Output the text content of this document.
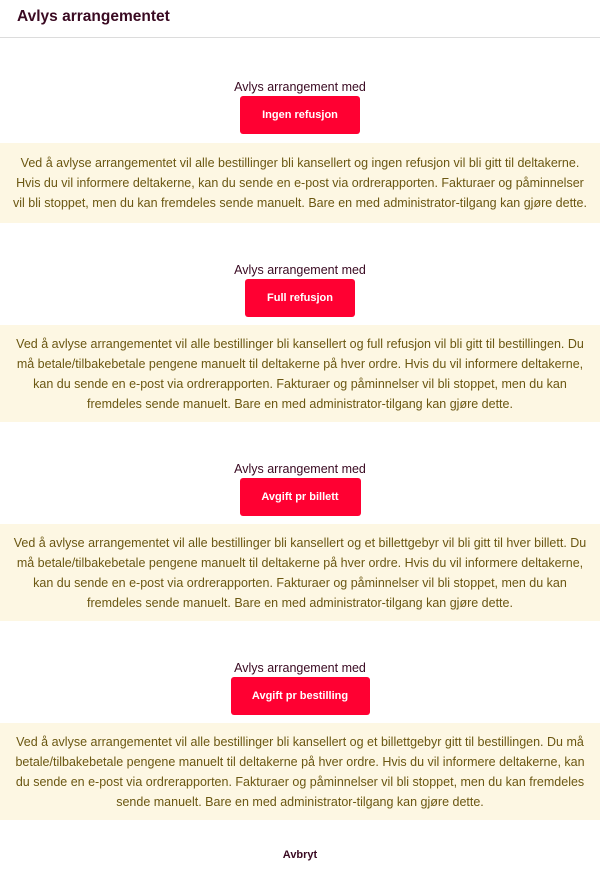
Avlys arrangementet
Avlys arrangement med
Ingen refusjon
Ved å avlyse arrangementet vil alle bestillinger bli kansellert og ingen refusjon vil bli gitt til deltakerne. Hvis du vil informere deltakerne, kan du sende en e-post via ordrerapporten. Fakturaer og påminnelser vil bli stoppet, men du kan fremdeles sende manuelt. Bare en med administrator-tilgang kan gjøre dette.
Avlys arrangement med
Full refusjon
Ved å avlyse arrangementet vil alle bestillinger bli kansellert og full refusjon vil bli gitt til bestillingen. Du må betale/tilbakebetale pengene manuelt til deltakerne på hver ordre. Hvis du vil informere deltakerne, kan du sende en e-post via ordrerapporten. Fakturaer og påminnelser vil bli stoppet, men du kan fremdeles sende manuelt. Bare en med administrator-tilgang kan gjøre dette.
Avlys arrangement med
Avgift pr billett
Ved å avlyse arrangementet vil alle bestillinger bli kansellert og et billettgebyr vil bli gitt til hver billett. Du må betale/tilbakebetale pengene manuelt til deltakerne på hver ordre. Hvis du vil informere deltakerne, kan du sende en e-post via ordrerapporten. Fakturaer og påminnelser vil bli stoppet, men du kan fremdeles sende manuelt. Bare en med administrator-tilgang kan gjøre dette.
Avlys arrangement med
Avgift pr bestilling
Ved å avlyse arrangementet vil alle bestillinger bli kansellert og et billettgebyr gitt til bestillingen. Du må betale/tilbakebetale pengene manuelt til deltakerne på hver ordre. Hvis du vil informere deltakerne, kan du sende en e-post via ordrerapporten. Fakturaer og påminnelser vil bli stoppet, men du kan fremdeles sende manuelt. Bare en med administrator-tilgang kan gjøre dette.
Avbryt
